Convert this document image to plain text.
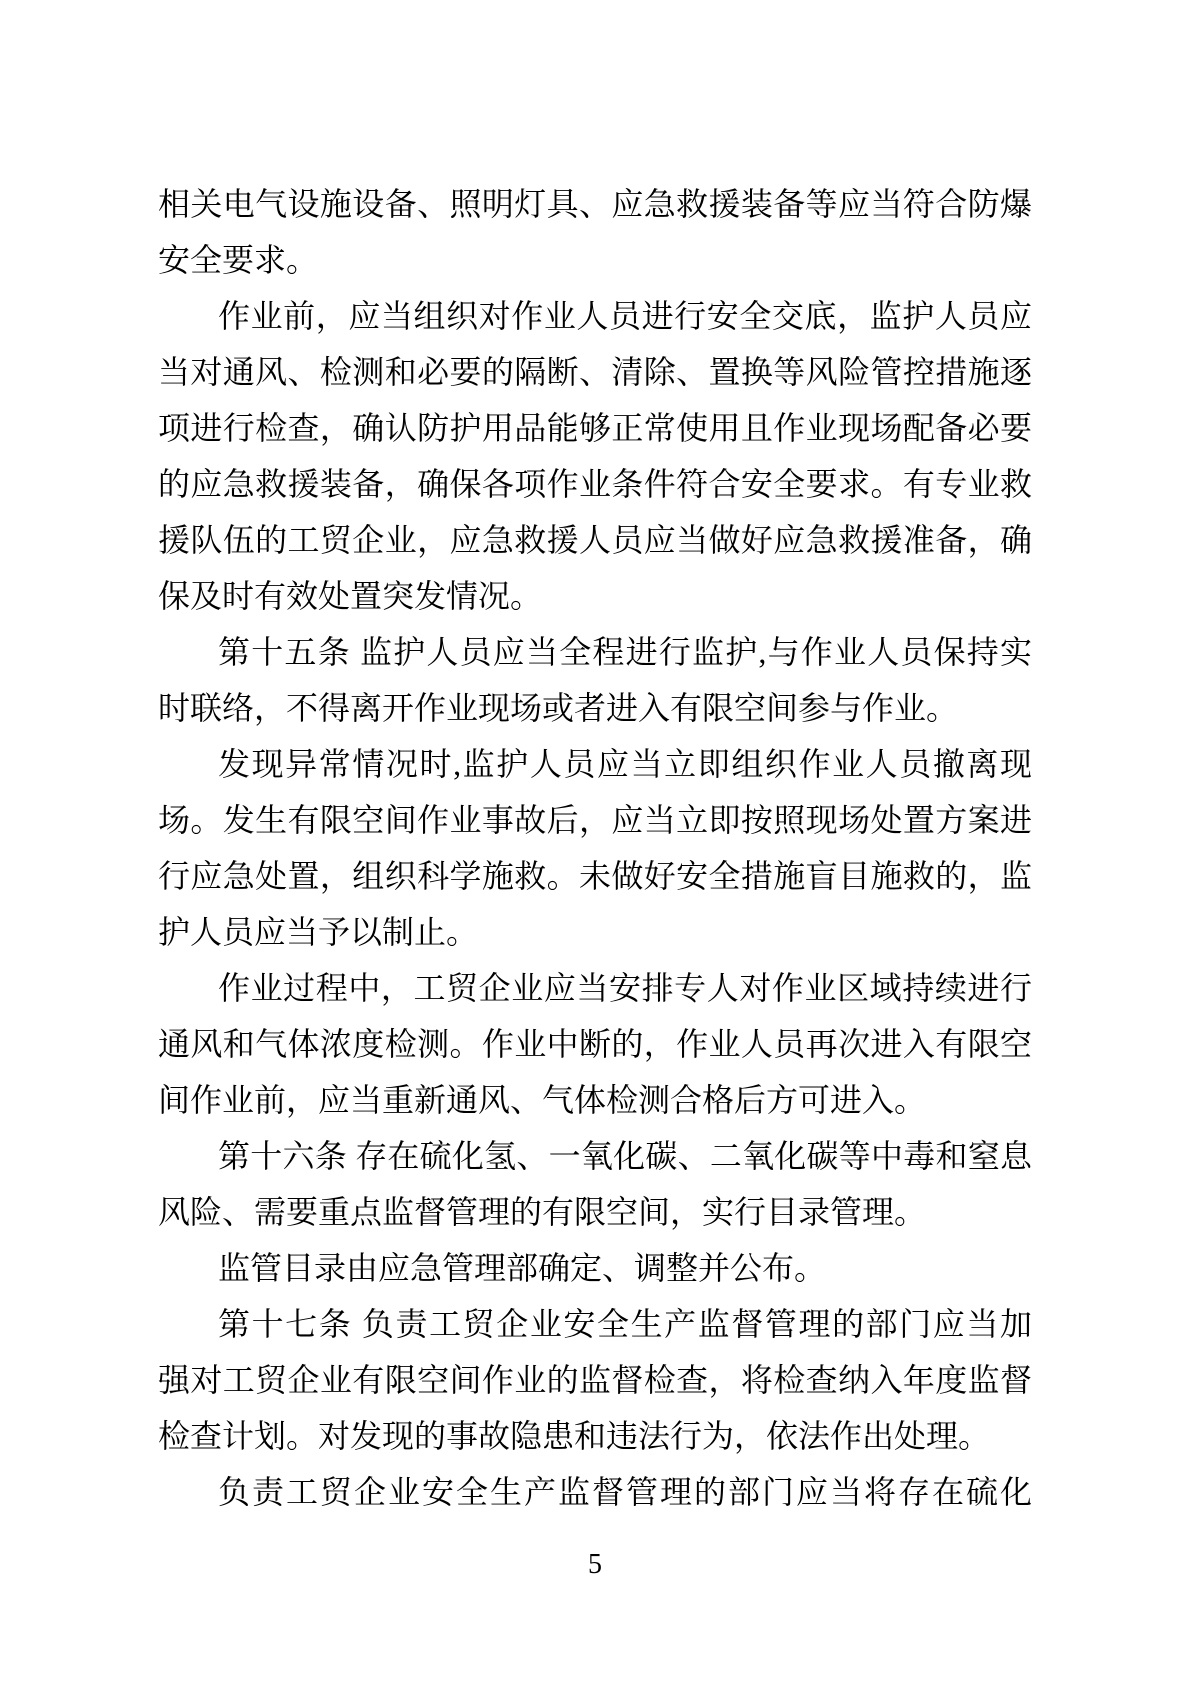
相关电气设施设备、照明灯具、应急救援装备等应当符合防爆
安全要求。
作业前，应当组织对作业人员进行安全交底，监护人员应
当对通风、检测和必要的隔断、清除、置换等风险管控措施逐
项进行检查，确认防护用品能够正常使用且作业现场配备必要
的应急救援装备，确保各项作业条件符合安全要求。有专业救
援队伍的工贸企业，应急救援人员应当做好应急救援准备，确
保及时有效处置突发情况。
第十五条 监护人员应当全程进行监护,与作业人员保持实
时联络，不得离开作业现场或者进入有限空间参与作业。
发现异常情况时,监护人员应当立即组织作业人员撤离现
场。发生有限空间作业事故后，应当立即按照现场处置方案进
行应急处置，组织科学施救。未做好安全措施盲目施救的，监
护人员应当予以制止。
作业过程中，工贸企业应当安排专人对作业区域持续进行
通风和气体浓度检测。作业中断的，作业人员再次进入有限空
间作业前，应当重新通风、气体检测合格后方可进入。
第十六条 存在硫化氢、一氧化碳、二氧化碳等中毒和窒息
风险、需要重点监督管理的有限空间，实行目录管理。
监管目录由应急管理部确定、调整并公布。
第十七条 负责工贸企业安全生产监督管理的部门应当加
强对工贸企业有限空间作业的监督检查，将检查纳入年度监督
检查计划。对发现的事故隐患和违法行为，依法作出处理。
负责工贸企业安全生产监督管理的部门应当将存在硫化
5
